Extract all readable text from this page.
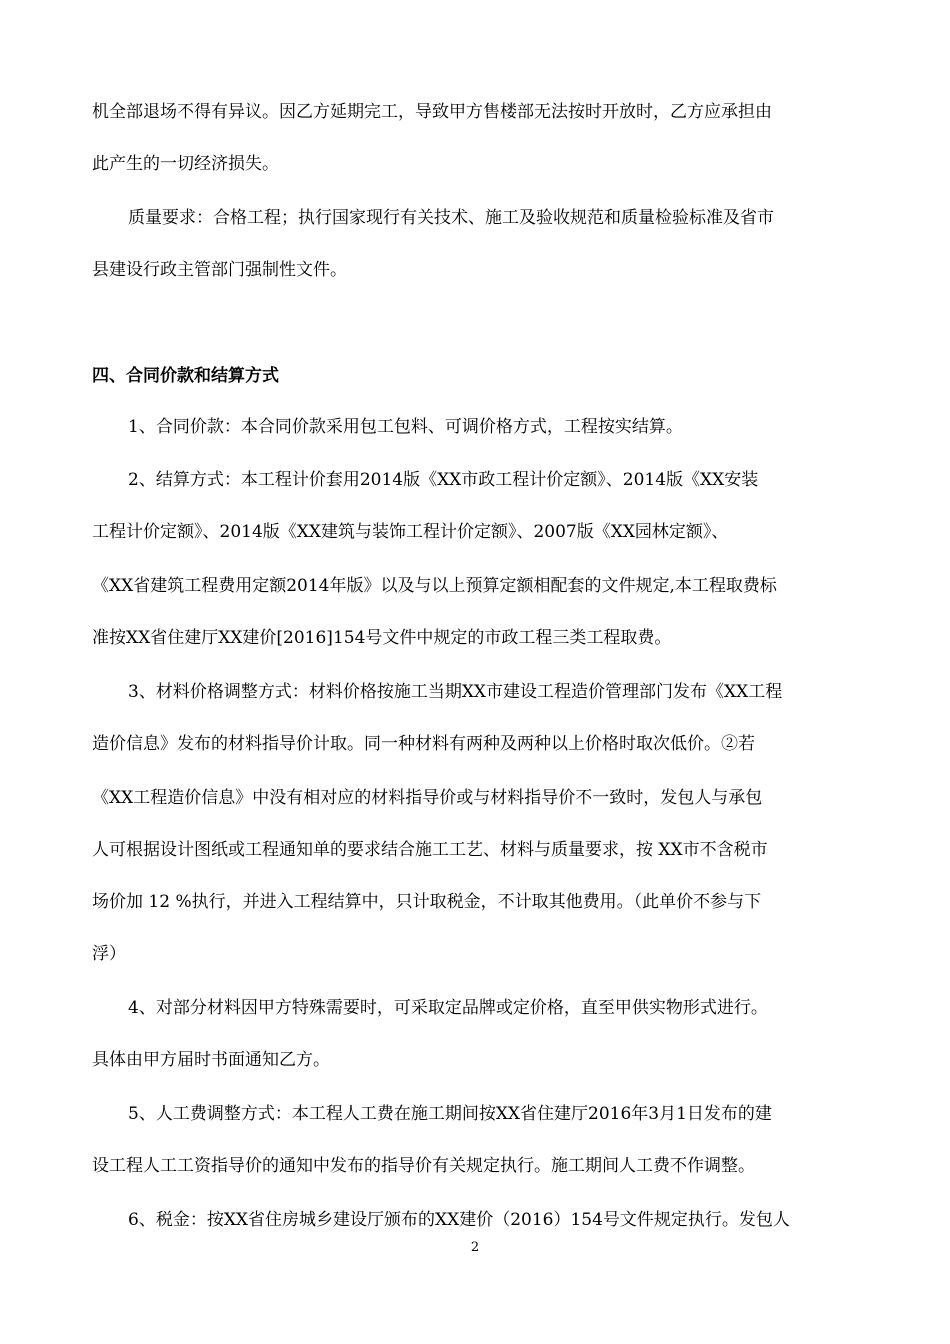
机全部退场不得有异议。因乙方延期完工，导致甲方售楼部无法按时开放时，乙方应承担由
此产生的一切经济损失。
质量要求：合格工程；执行国家现行有关技术、施工及验收规范和质量检验标准及省市
县建设行政主管部门强制性文件。
四、合同价款和结算方式
1、合同价款：本合同价款采用包工包料、可调价格方式，工程按实结算。
2、结算方式：本工程计价套用2014版《XX市政工程计价定额》、2014版《XX安装
工程计价定额》、2014版《XX建筑与装饰工程计价定额》、2007版《XX园林定额》、
《XX省建筑工程费用定额2014年版》以及与以上预算定额相配套的文件规定,本工程取费标
准按XX省住建厅XX建价[2016]154号文件中规定的市政工程三类工程取费。
3、材料价格调整方式：材料价格按施工当期XX市建设工程造价管理部门发布《XX工程
造价信息》发布的材料指导价计取。同一种材料有两种及两种以上价格时取次低价。②若
《XX工程造价信息》中没有相对应的材料指导价或与材料指导价不一致时，发包人与承包
人可根据设计图纸或工程通知单的要求结合施工工艺、材料与质量要求，按 XX市不含税市
场价加 12 %执行，并进入工程结算中，只计取税金，不计取其他费用。（此单价不参与下
浮）
4、对部分材料因甲方特殊需要时，可采取定品牌或定价格，直至甲供实物形式进行。
具体由甲方届时书面通知乙方。
5、人工费调整方式：本工程人工费在施工期间按XX省住建厅2016年3月1日发布的建
设工程人工工资指导价的通知中发布的指导价有关规定执行。施工期间人工费不作调整。
6、税金：按XX省住房城乡建设厅颁布的XX建价（2016）154号文件规定执行。发包人
2
